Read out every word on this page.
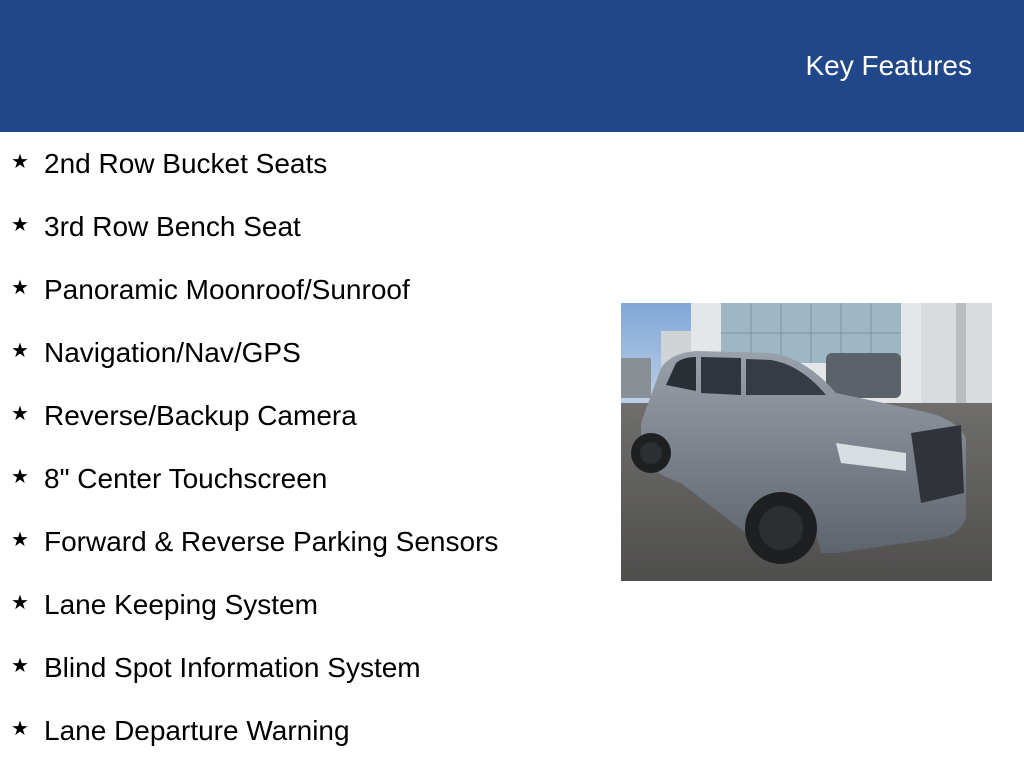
Key Features
★ 2nd Row Bucket Seats
★ 3rd Row Bench Seat
★ Panoramic Moonroof/Sunroof
★ Navigation/Nav/GPS
★ Reverse/Backup Camera
★ 8" Center Touchscreen
★ Forward & Reverse Parking Sensors
★ Lane Keeping System
★ Blind Spot Information System
★ Lane Departure Warning
